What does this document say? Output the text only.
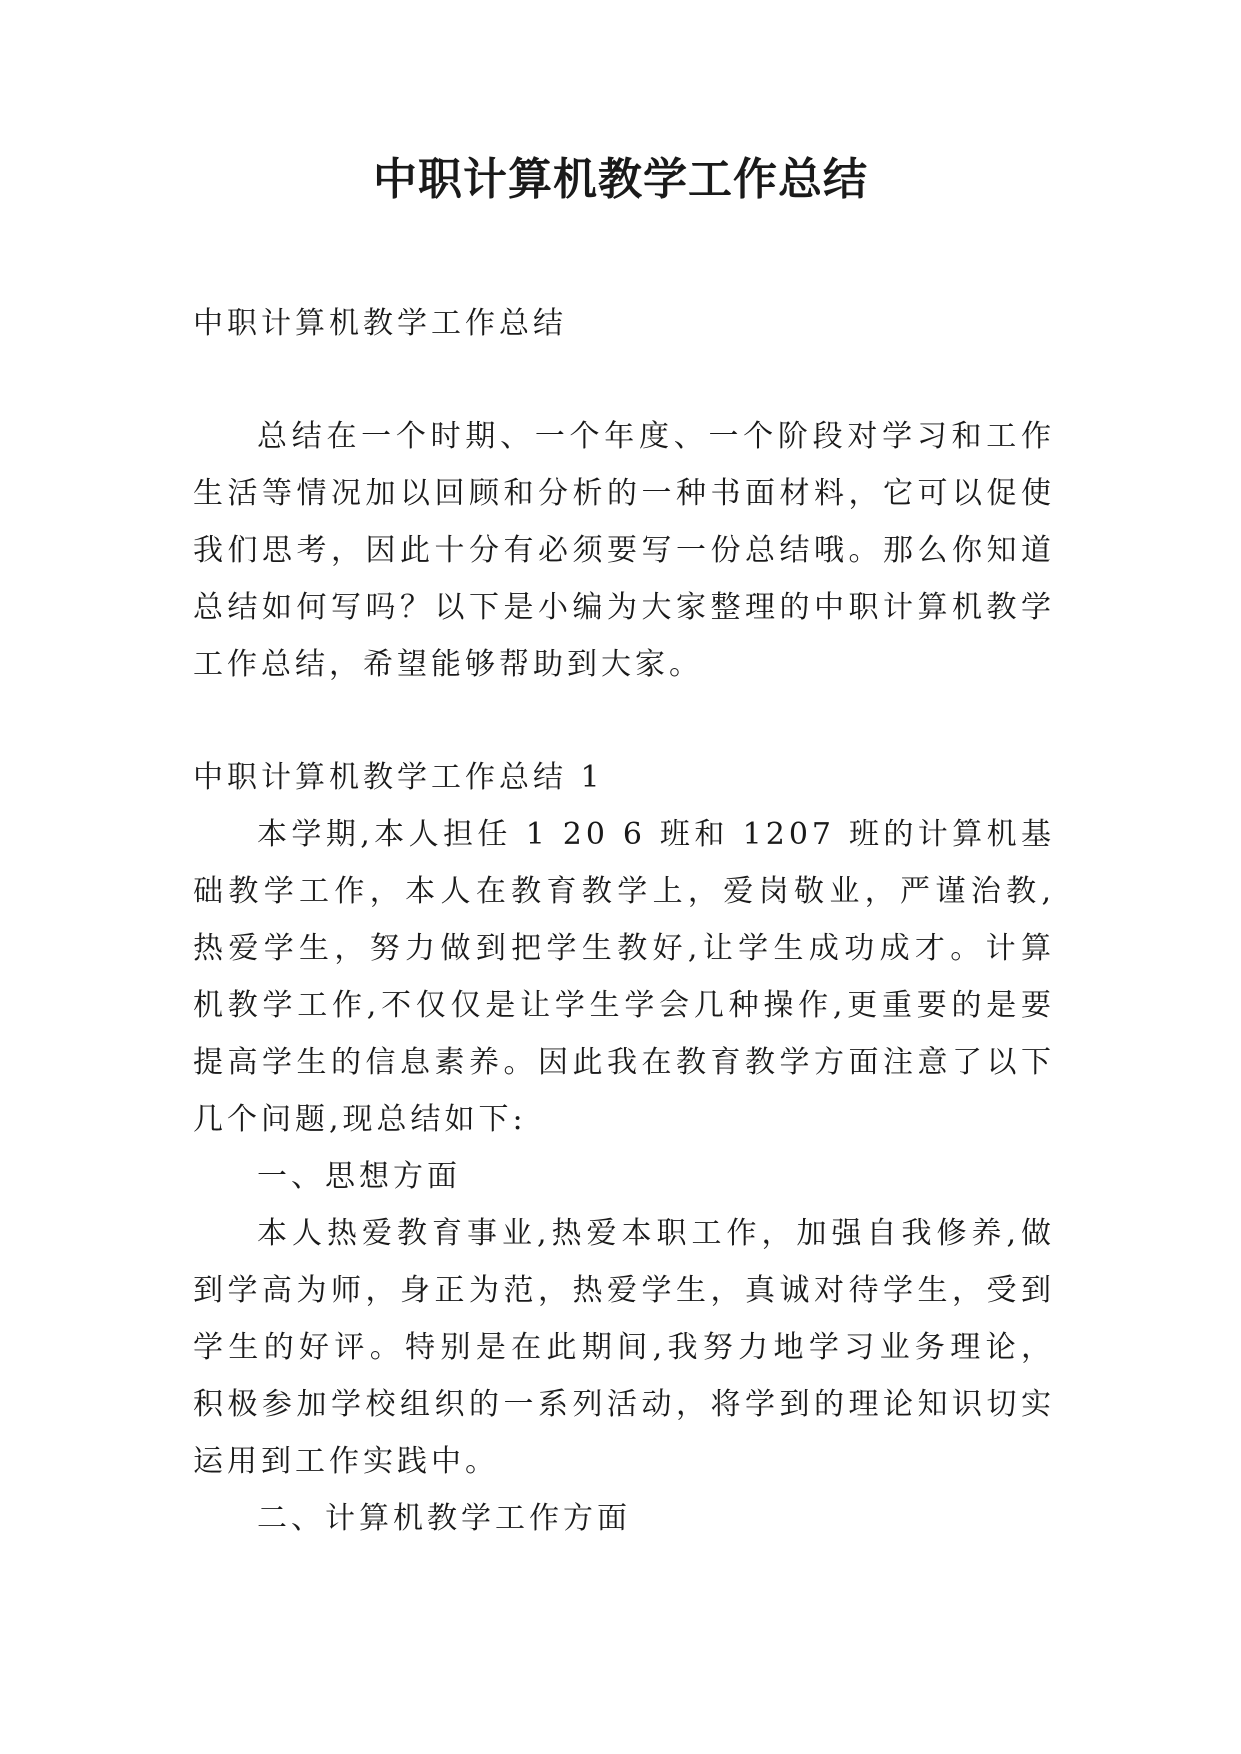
中职计算机教学工作总结

中职计算机教学工作总结

总结在一个时期、一个年度、一个阶段对学习和工作生活等情况加以回顾和分析的一种书面材料，它可以促使我们思考，因此十分有必须要写一份总结哦。那么你知道总结如何写吗？以下是小编为大家整理的中职计算机教学工作总结，希望能够帮助到大家。

中职计算机教学工作总结 1

本学期,本人担任 1 20 6 班和 1207 班的计算机基础教学工作，本人在教育教学上，爱岗敬业，严谨治教,热爱学生，努力做到把学生教好,让学生成功成才。计算机教学工作,不仅仅是让学生学会几种操作,更重要的是要提高学生的信息素养。因此我在教育教学方面注意了以下几个问题,现总结如下:

一、思想方面

本人热爱教育事业,热爱本职工作，加强自我修养,做到学高为师，身正为范，热爱学生，真诚对待学生，受到学生的好评。特别是在此期间,我努力地学习业务理论，积极参加学校组织的一系列活动，将学到的理论知识切实运用到工作实践中。

二、计算机教学工作方面
